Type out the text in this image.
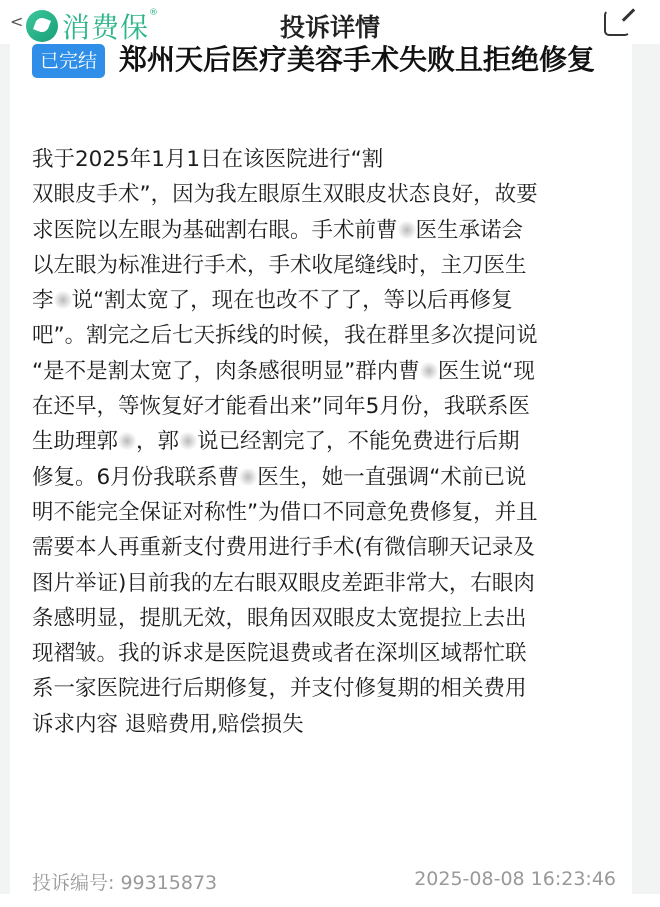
< 消费保 ®	投诉详情
已完结 郑州天后医疗美容手术失败且拒绝修复
我于2025年1月1日在该医院进行“割
双眼皮手术”，因为我左眼原生双眼皮状态良好，故要
求医院以左眼为基础割右眼。手术前曹 医生承诺会
以左眼为标准进行手术，手术收尾缝线时，主刀医生
李 说“割太宽了，现在也改不了了，等以后再修复
吧”。割完之后七天拆线的时候，我在群里多次提问说
“是不是割太宽了，肉条感很明显”群内曹 医生说“现
在还早，等恢复好才能看出来”同年5月份，我联系医
生助理郭 ，郭 说已经割完了，不能免费进行后期
修复。6月份我联系曹 医生，她一直强调“术前已说
明不能完全保证对称性”为借口不同意免费修复，并且
需要本人再重新支付费用进行手术(有微信聊天记录及
图片举证)目前我的左右眼双眼皮差距非常大，右眼肉
条感明显，提肌无效，眼角因双眼皮太宽提拉上去出
现褶皱。我的诉求是医院退费或者在深圳区域帮忙联
系一家医院进行后期修复，并支付修复期的相关费用
诉求内容 退赔费用,赔偿损失
投诉编号: 99315873	2025-08-08 16:23:46
